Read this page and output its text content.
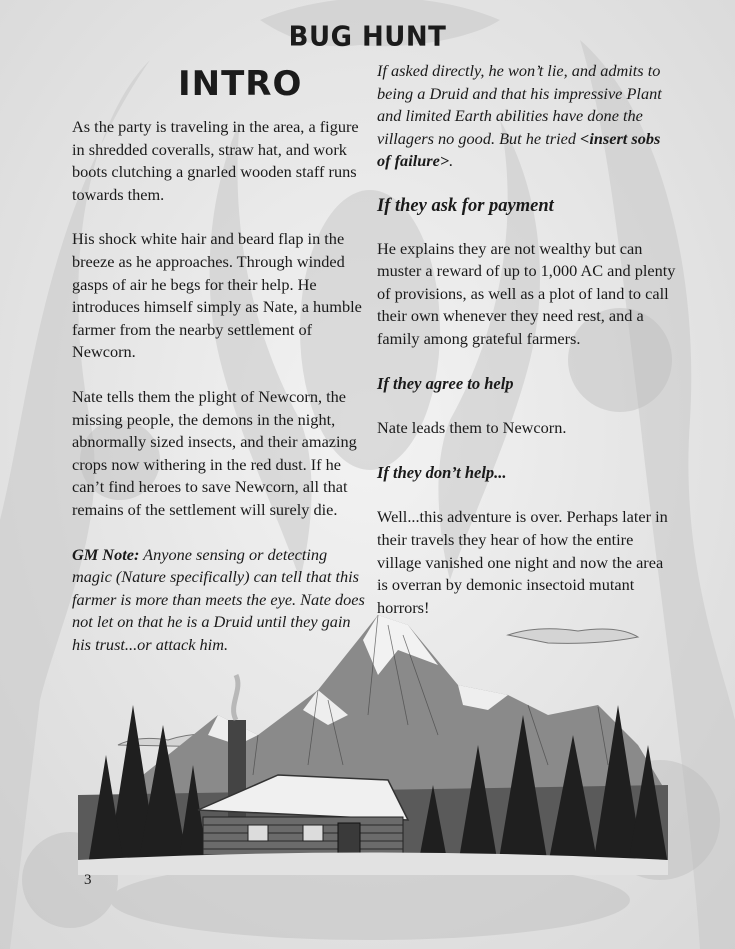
BUG HUNT
INTRO

As the party is traveling in the area, a figure in shredded coveralls, straw hat, and work boots clutching a gnarled wooden staff runs towards them.

His shock white hair and beard flap in the breeze as he approaches. Through winded gasps of air he begs for their help. He introduces himself simply as Nate, a humble farmer from the nearby settlement of Newcorn.

Nate tells them the plight of Newcorn, the missing people, the demons in the night, abnormally sized insects, and their amazing crops now withering in the red dust. If he can’t find heroes to save Newcorn, all that remains of the settlement will surely die.

GM Note: Anyone sensing or detecting magic (Nature specifically) can tell that this farmer is more than meets the eye. Nate does not let on that he is a Druid until they gain his trust...or attack him.

If asked directly, he won’t lie, and admits to being a Druid and that his impressive Plant and limited Earth abilities have done the villagers no good. But he tried <insert sobs of failure>.

If they ask for payment

He explains they are not wealthy but can muster a reward of up to 1,000 AC and plenty of provisions, as well as a plot of land to call their own whenever they need rest, and a family among grateful farmers.

If they agree to help

Nate leads them to Newcorn.

If they don’t help...

Well...this adventure is over. Perhaps later in their travels they hear of how the entire village vanished one night and now the area is overran by demonic insectoid mutant horrors!

3
